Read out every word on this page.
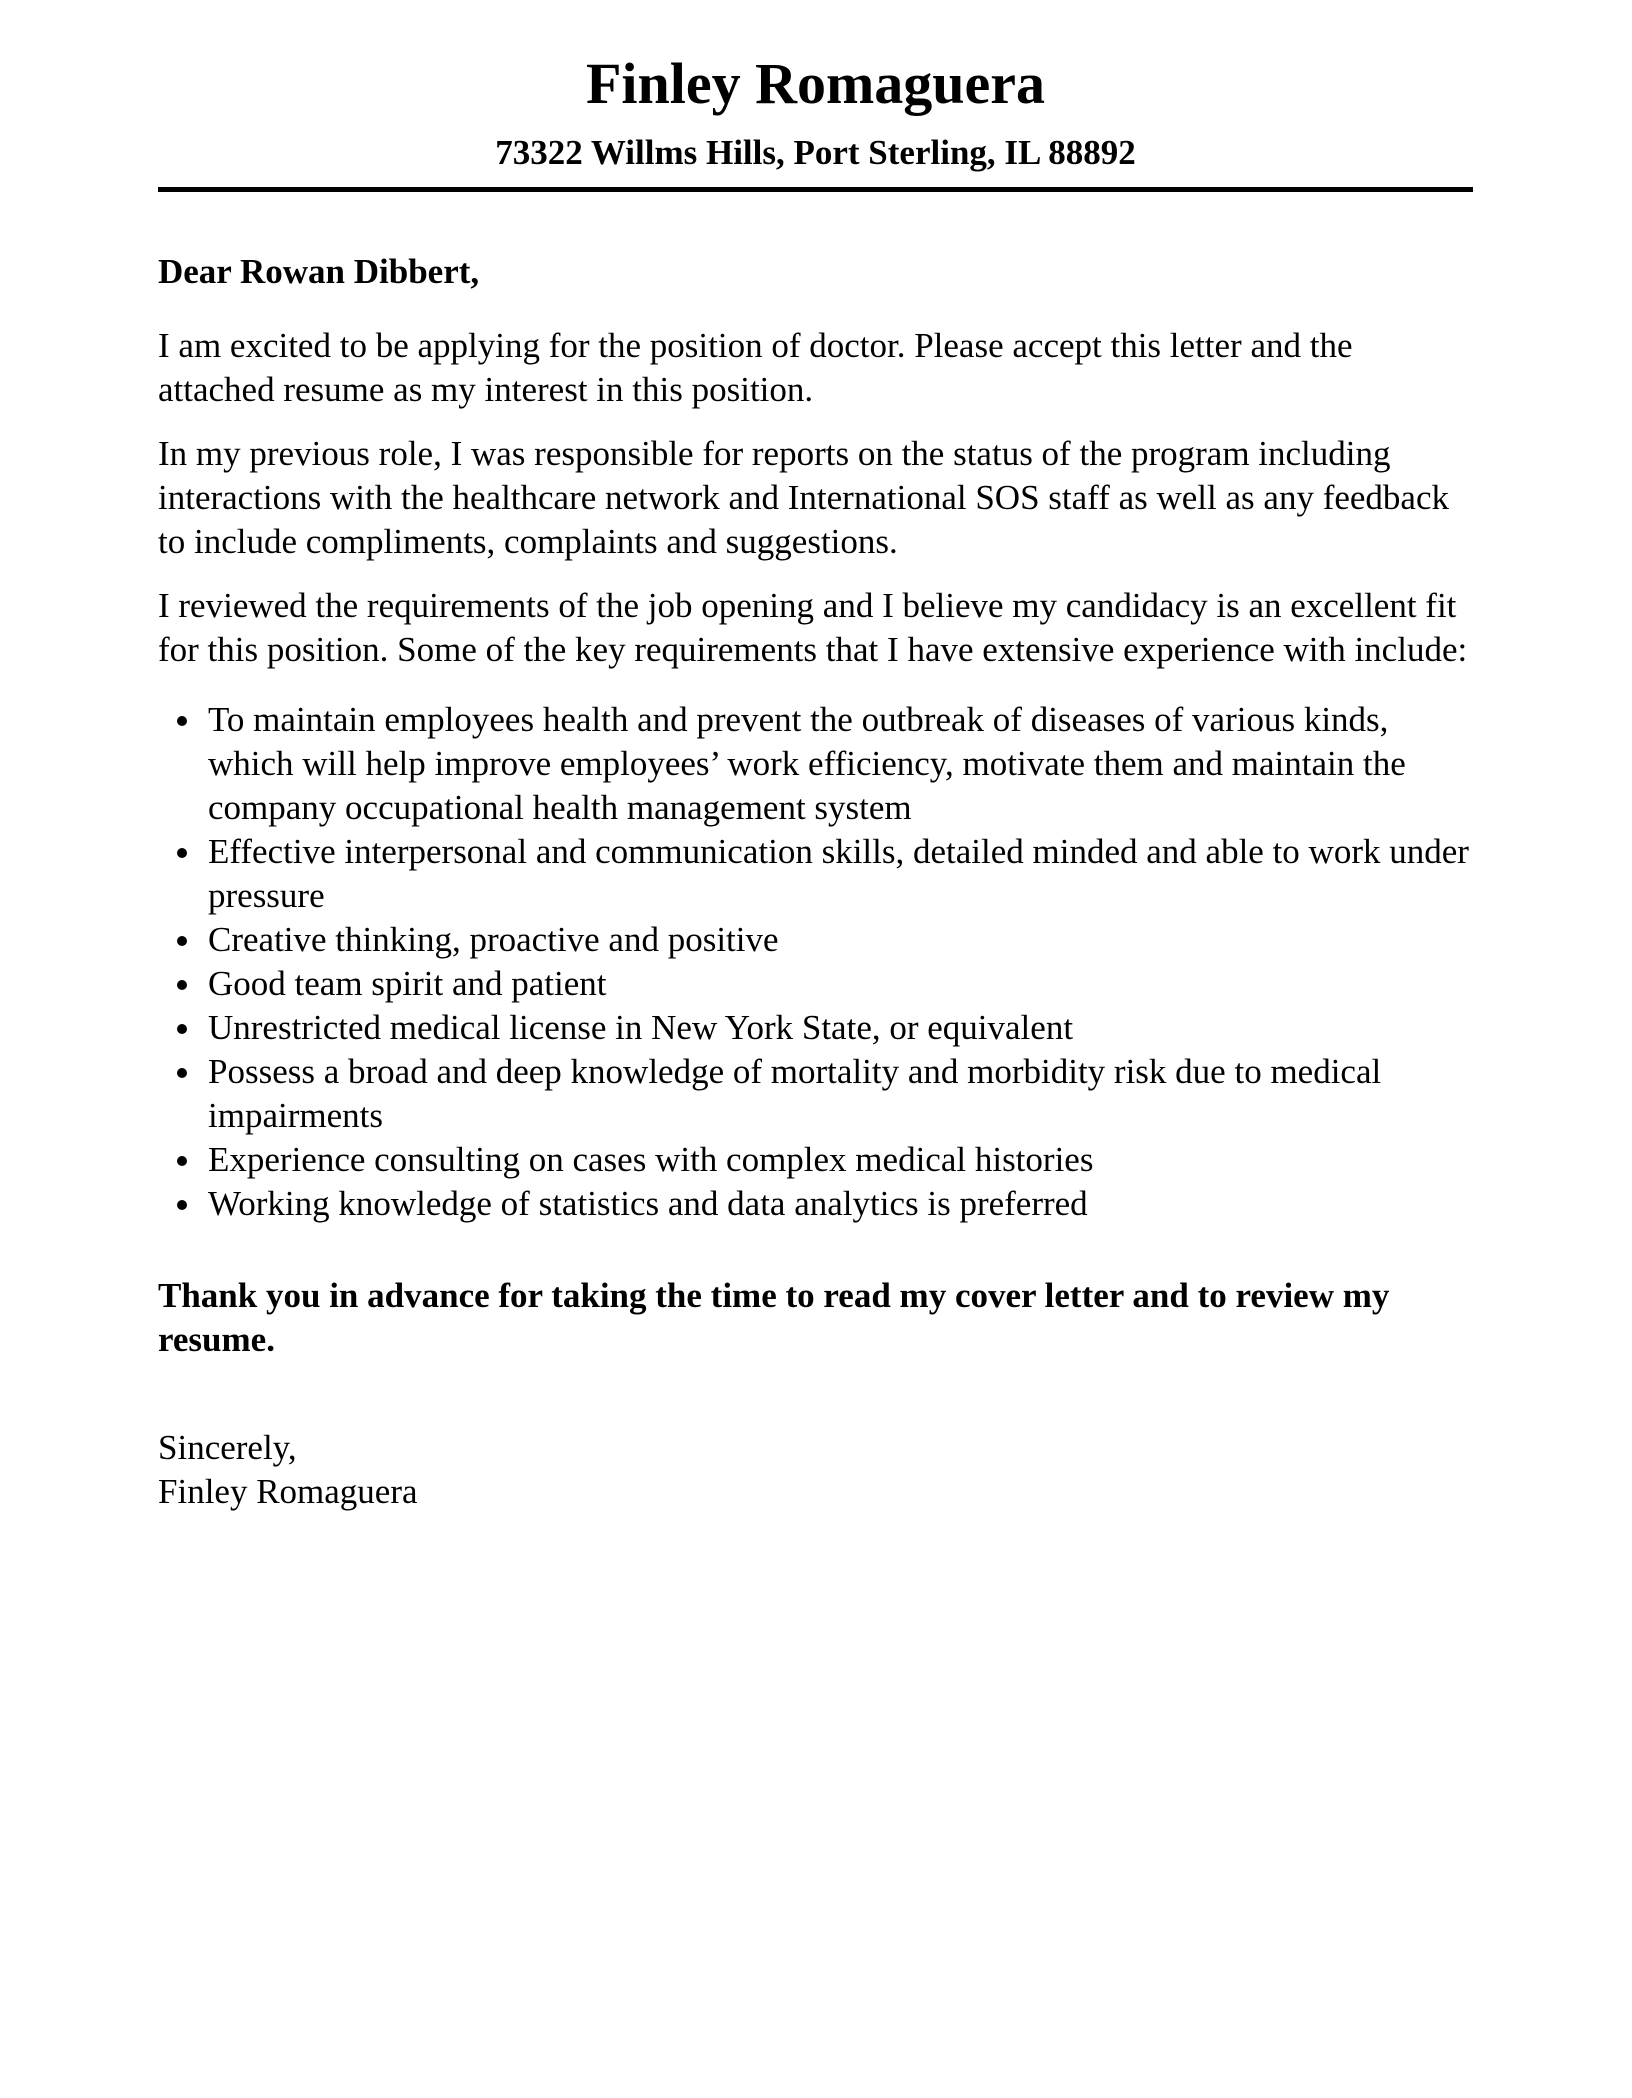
Finley Romaguera
73322 Willms Hills, Port Sterling, IL 88892
Dear Rowan Dibbert,

I am excited to be applying for the position of doctor. Please accept this letter and the attached resume as my interest in this position.

In my previous role, I was responsible for reports on the status of the program including interactions with the healthcare network and International SOS staff as well as any feedback to include compliments, complaints and suggestions.

I reviewed the requirements of the job opening and I believe my candidacy is an excellent fit for this position. Some of the key requirements that I have extensive experience with include:

• To maintain employees health and prevent the outbreak of diseases of various kinds, which will help improve employees’ work efficiency, motivate them and maintain the company occupational health management system
• Effective interpersonal and communication skills, detailed minded and able to work under pressure
• Creative thinking, proactive and positive
• Good team spirit and patient
• Unrestricted medical license in New York State, or equivalent
• Possess a broad and deep knowledge of mortality and morbidity risk due to medical impairments
• Experience consulting on cases with complex medical histories
• Working knowledge of statistics and data analytics is preferred

Thank you in advance for taking the time to read my cover letter and to review my resume.

Sincerely,
Finley Romaguera
